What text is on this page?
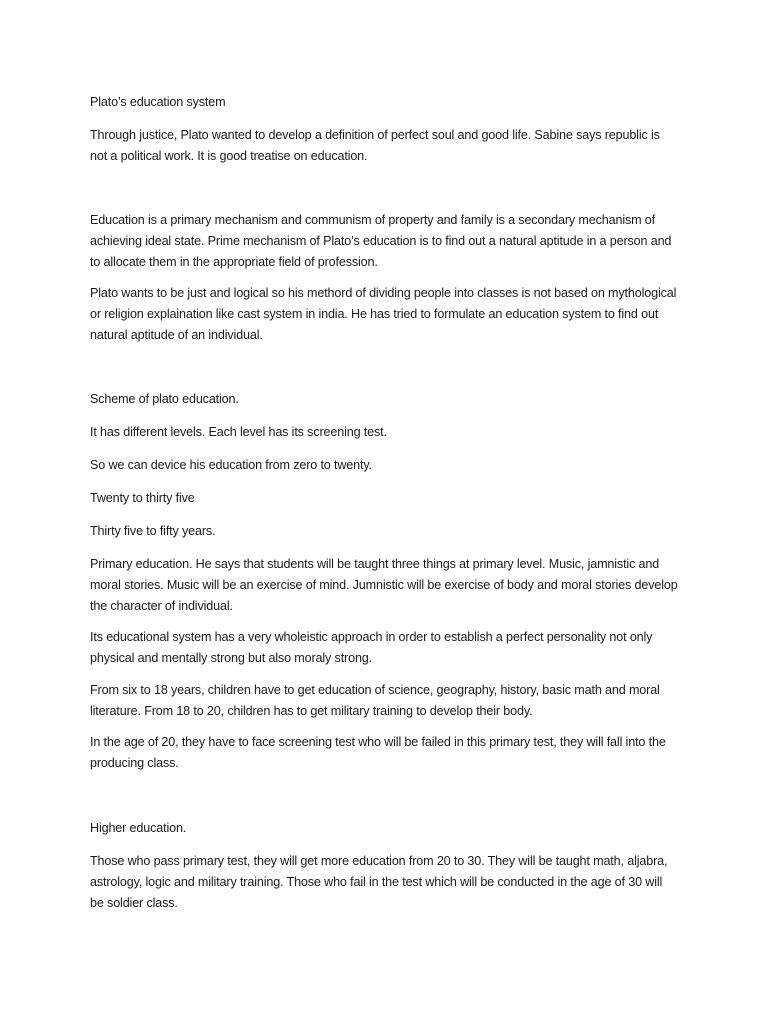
Plato’s education system

Through justice, Plato wanted to develop a definition of perfect soul and good life. Sabine says republic is not a political work. It is good treatise on education.

Education is a primary mechanism and communism of property and family is a secondary mechanism of achieving ideal state. Prime mechanism of Plato’s education is to find out a natural aptitude in a person and to allocate them in the appropriate field of profession.

Plato wants to be just and logical so his methord of dividing people into classes is not based on mythological or religion explaination like cast system in india. He has tried to formulate an education system to find out natural aptitude of an individual.

Scheme of plato education.

It has different levels. Each level has its screening test.

So we can device his education from zero to twenty.

Twenty to thirty five

Thirty five to fifty years.

Primary education. He says that students will be taught three things at primary level. Music, jamnistic and moral stories. Music will be an exercise of mind. Jumnistic will be exercise of body and moral stories develop the character of individual.

Its educational system has a very wholeistic approach in order to establish a perfect personality not only physical and mentally strong but also moraly strong.

From six to 18 years, children have to get education of science, geography, history, basic math and moral literature. From 18 to 20, children has to get military training to develop their body.

In the age of 20, they have to face screening test who will be failed in this primary test, they will fall into the producing class.

Higher education.

Those who pass primary test, they will get more education from 20 to 30. They will be taught math, aljabra, astrology, logic and military training. Those who fail in the test which will be conducted in the age of 30 will be soldier class.
